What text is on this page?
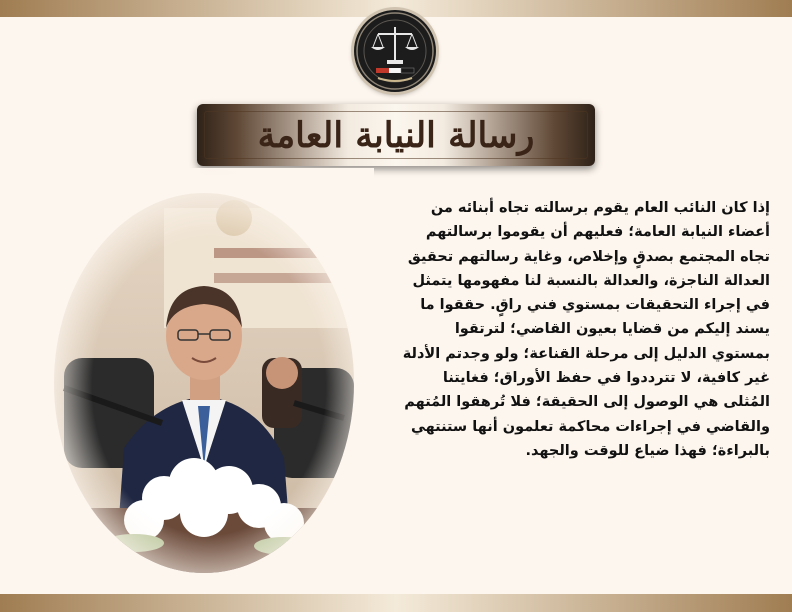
رسالة النيابة العامة

إذا كان النائب العام يقوم برسالته تجاه أبنائه من أعضاء النيابة العامة؛ فعليهم أن يقوموا برسالتهم تجاه المجتمع بصدقٍ وإخلاص، وغاية رسالتهم تحقيق العدالة الناجزة، والعدالة بالنسبة لنا مفهومها يتمثل في إجراء التحقيقات بمستوي فني راقٍ. حققوا ما يسند إليكم من قضايا بعيون القاضي؛ لترتقوا بمستوي الدليل إلى مرحلة القناعة؛ ولو وجدتم الأدلة غير كافية، لا تترددوا في حفظ الأوراق؛ فغايتنا المُثلى هي الوصول إلى الحقيقة؛ فلا تُرهقوا المُتهم والقاضي في إجراءات محاكمة تعلمون أنها ستنتهي بالبراءة؛ فهذا ضياع للوقت والجهد.
